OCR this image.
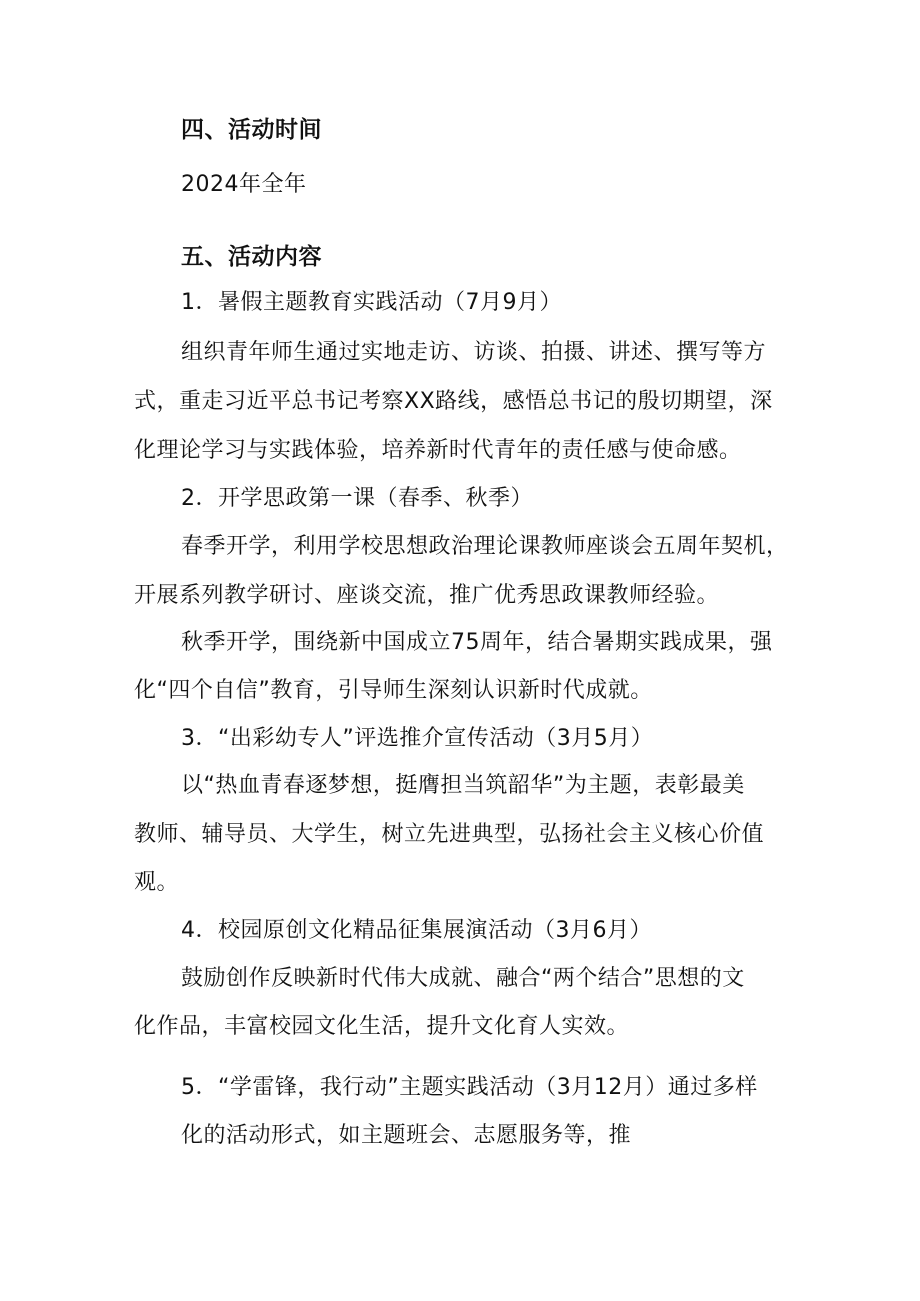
四、活动时间
2024年全年
五、活动内容
1．暑假主题教育实践活动（7月9月）
组织青年师生通过实地走访、访谈、拍摄、讲述、撰写等方
式，重走习近平总书记考察XX路线，感悟总书记的殷切期望，深
化理论学习与实践体验，培养新时代青年的责任感与使命感。
2．开学思政第一课（春季、秋季）
春季开学，利用学校思想政治理论课教师座谈会五周年契机，
开展系列教学研讨、座谈交流，推广优秀思政课教师经验。
秋季开学，围绕新中国成立75周年，结合暑期实践成果，强
化“四个自信”教育，引导师生深刻认识新时代成就。
3．“出彩幼专人”评选推介宣传活动（3月5月）
以“热血青春逐梦想，挺膺担当筑韶华”为主题，表彰最美
教师、辅导员、大学生，树立先进典型，弘扬社会主义核心价值
观。
4．校园原创文化精品征集展演活动（3月6月）
鼓励创作反映新时代伟大成就、融合“两个结合”思想的文
化作品，丰富校园文化生活，提升文化育人实效。
5．“学雷锋，我行动”主题实践活动（3月12月）通过多样
化的活动形式，如主题班会、志愿服务等，推
